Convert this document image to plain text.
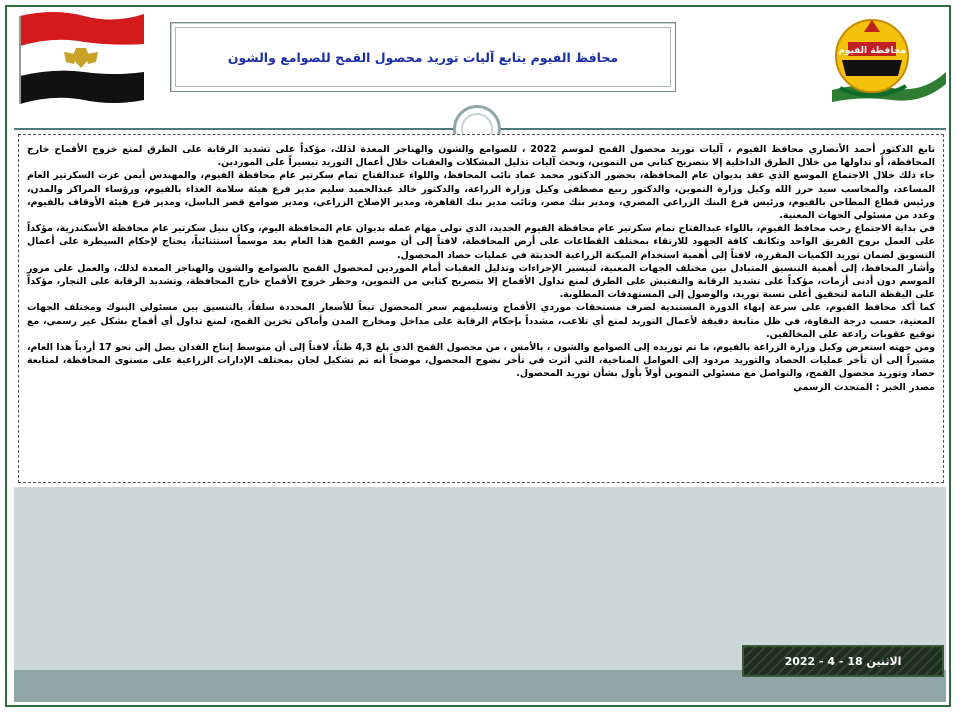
محافظ الفيوم يتابع آليات توريد محصول القمح للصوامع والشون	محافظة الفيوم

تابع الدكتور أحمد الأنصاري محافظ الفيوم ، آليات توريد محصول القمح لموسم 2022 ، للصوامع والشون والهناجر المعدة لذلك، مؤكداً على تشديد الرقابة على الطرق لمنع خروج الأقماح خارج المحافظة، أو تداولها من خلال الطرق الداخلية إلا بتصريح كتابي من التموين، وبحث آليات تذليل المشكلات والعقبات خلال أعمال التوريد تيسيراً على الموردين.

جاء ذلك خلال الاجتماع الموسع الذي عقد بديوان عام المحافظة، بحضور الدكتور محمد عماد نائب المحافظ، واللواء عبدالفتاح تمام سكرتير عام محافظة الفيوم، والمهندس أيمن عزت السكرتير العام المساعد، والمحاسب سيد حرز الله وكيل وزارة التموين، والدكتور ربيع مصطفى وكيل وزارة الزراعة، والدكتور خالد عبدالحميد سليم مدير فرع هيئة سلامة الغذاء بالفيوم، ورؤساء المراكز والمدن، ورئيس قطاع المطاحن بالفيوم، ورئيس فرع البنك الزراعي المصري، ومدير بنك مصر، ونائب مدير بنك القاهرة، ومدير الإصلاح الزراعي، ومدير صوامع قصر الباسل، ومدير فرع هيئة الأوقاف بالفيوم، وعدد من مسئولي الجهات المعنية.

في بداية الاجتماع رحب محافظ الفيوم، باللواء عبدالفتاح تمام سكرتير عام محافظة الفيوم الجديد، الذي تولى مهام عمله بديوان عام المحافظة اليوم، وكان بنيل سكرتير عام محافظة الأسكندرية، مؤكداً على العمل بروح الفريق الواحد وتكاتف كافة الجهود للارتقاء بمختلف القطاعات على أرض المحافظة، لافتاً إلى أن موسم القمح هذا العام يعد موسماً استثنائياً، يحتاج لإحكام السيطرة على أعمال التسويق لضمان توريد الكميات المقررة، لافتاً إلى أهمية استخدام الميكنة الزراعية الحديثة في عمليات حصاد المحصول.

وأشار المحافظ، إلى أهمية التنسيق المتبادل بين مختلف الجهات المعنية، لتيسير الإجراءات وتذليل العقبات أمام الموردين لمحصول القمح بالصوامع والشون والهناجر المعدة لذلك، والعمل على مرور الموسم دون أدنى أزمات، مؤكداً على تشديد الرقابة والتفتيش على الطرق لمنع تداول الأقماح إلا بتصريح كتابي من التموين، وحظر خروج الأقماح خارج المحافظة، وتشديد الرقابة على التجار، مؤكداً على اليقظة التامة لتحقيق أعلى نسبة توريد، والوصول إلى المستهدفات المطلوبة.

كما أكد محافظ الفيوم، على سرعة إنهاء الدورة المستندية لصرف مستحقات موردي الأقماح وتسليمهم سعر المحصول تبعاً للأسعار المحددة سلفاً، بالتنسيق بين مسئولي البنوك ومختلف الجهات المعنية، حسب درجة النقاوة، في ظل متابعة دقيقة لأعمال التوريد لمنع أي تلاعب، مشدداً بإحكام الرقابة على مداخل ومخارج المدن وأماكن تخزين القمح، لمنع تداول أي أقماح بشكل غير رسمي، مع توقيع عقوبات رادعة على المخالفين.

ومن جهته استعرض وكيل وزارة الزراعة بالفيوم، ما تم توريده إلى الصوامع والشون ، بالأمس ، من محصول القمح الذي بلغ 4,3 طناً، لافتاً إلى أن متوسط إنتاج الفدان يصل إلى نحو 17 أردباً هذا العام، مشيراً إلى أن تأخر عمليات الحصاد والتوريد مردود إلى العوامل المناخية، التي أثرت في تأخر نضوج المحصول، موضحاً أنه تم تشكيل لجان بمختلف الإدارات الزراعية على مستوى المحافظة، لمتابعة حصاد وتوريد محصول القمح، والتواصل مع مسئولي التموين أولاً بأول بشأن توريد المحصول.

مصدر الخبر : المتحدث الرسمي

الاثنين 18 - 4 - 2022
